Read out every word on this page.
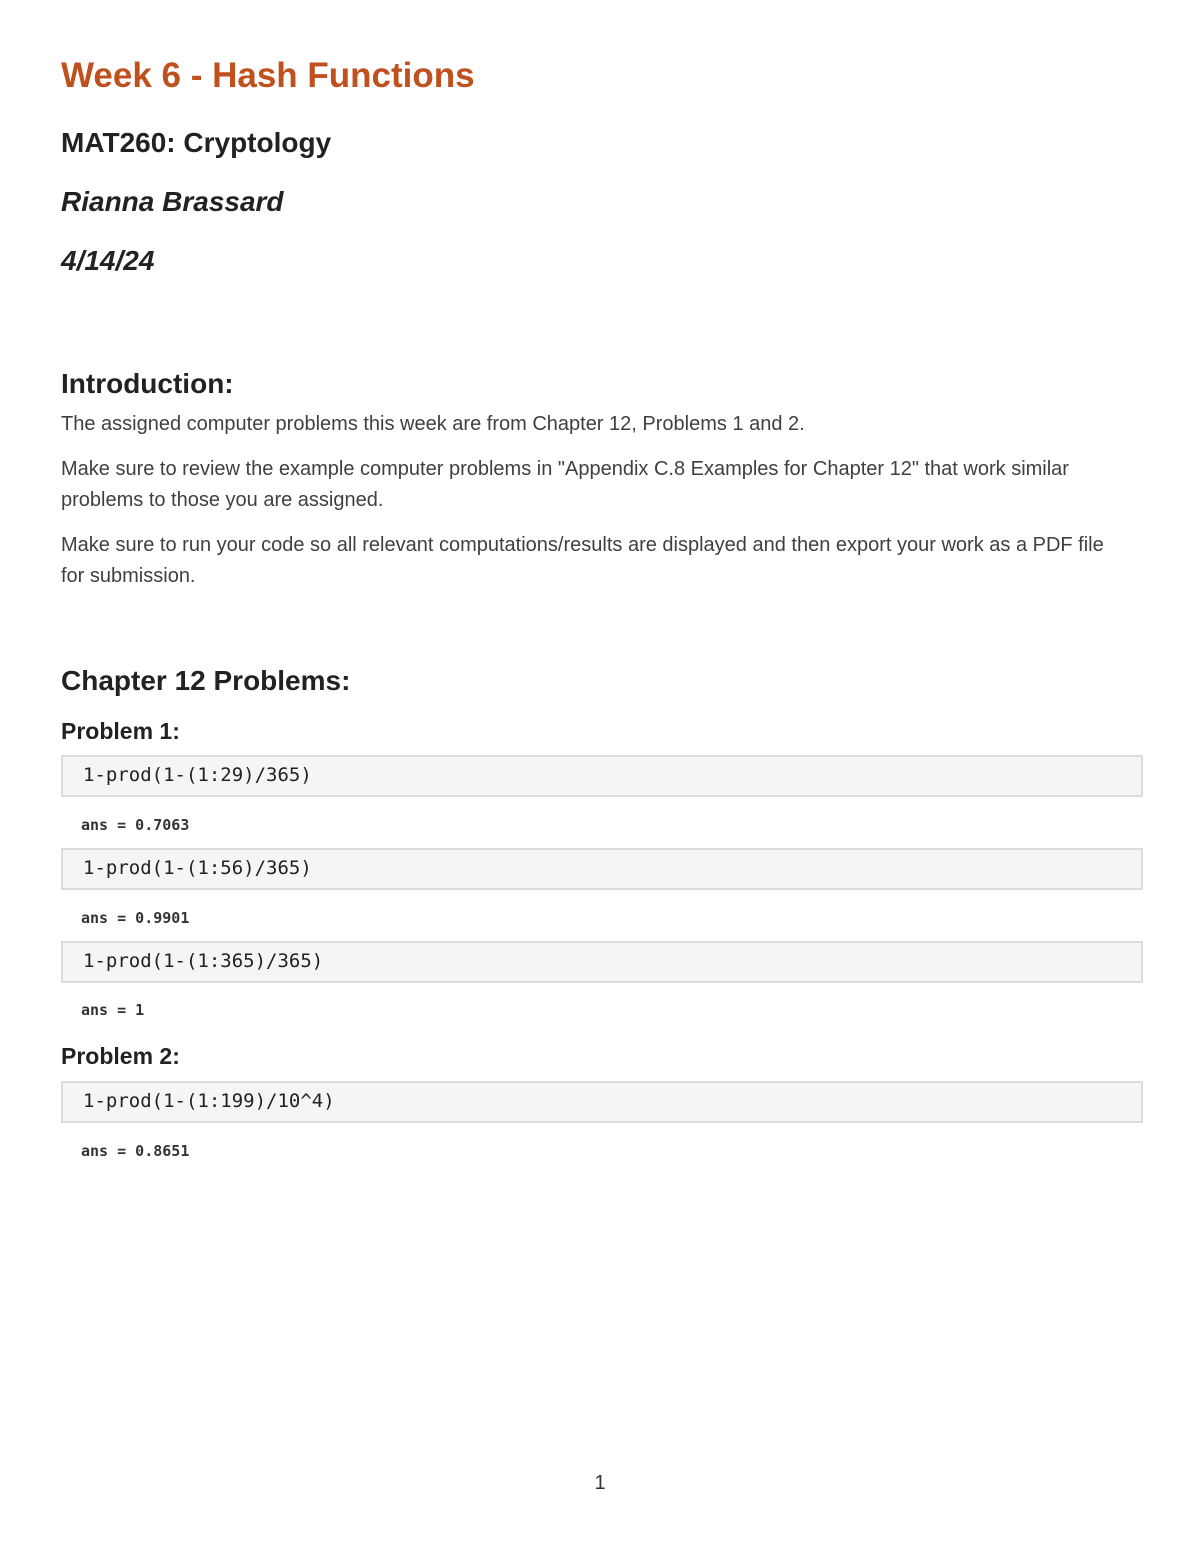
Week 6 - Hash Functions
MAT260: Cryptology
Rianna Brassard
4/14/24
Introduction:

The assigned computer problems this week are from Chapter 12, Problems 1 and 2.

Make sure to review the example computer problems in "Appendix C.8 Examples for Chapter 12" that work similar problems to those you are assigned.

Make sure to run your code so all relevant computations/results are displayed and then export your work as a PDF file for submission.

Chapter 12 Problems:
Problem 1:
1-prod(1-(1:29)/365)
ans = 0.7063
1-prod(1-(1:56)/365)
ans = 0.9901
1-prod(1-(1:365)/365)
ans = 1
Problem 2:
1-prod(1-(1:199)/10^4)
ans = 0.8651
1
